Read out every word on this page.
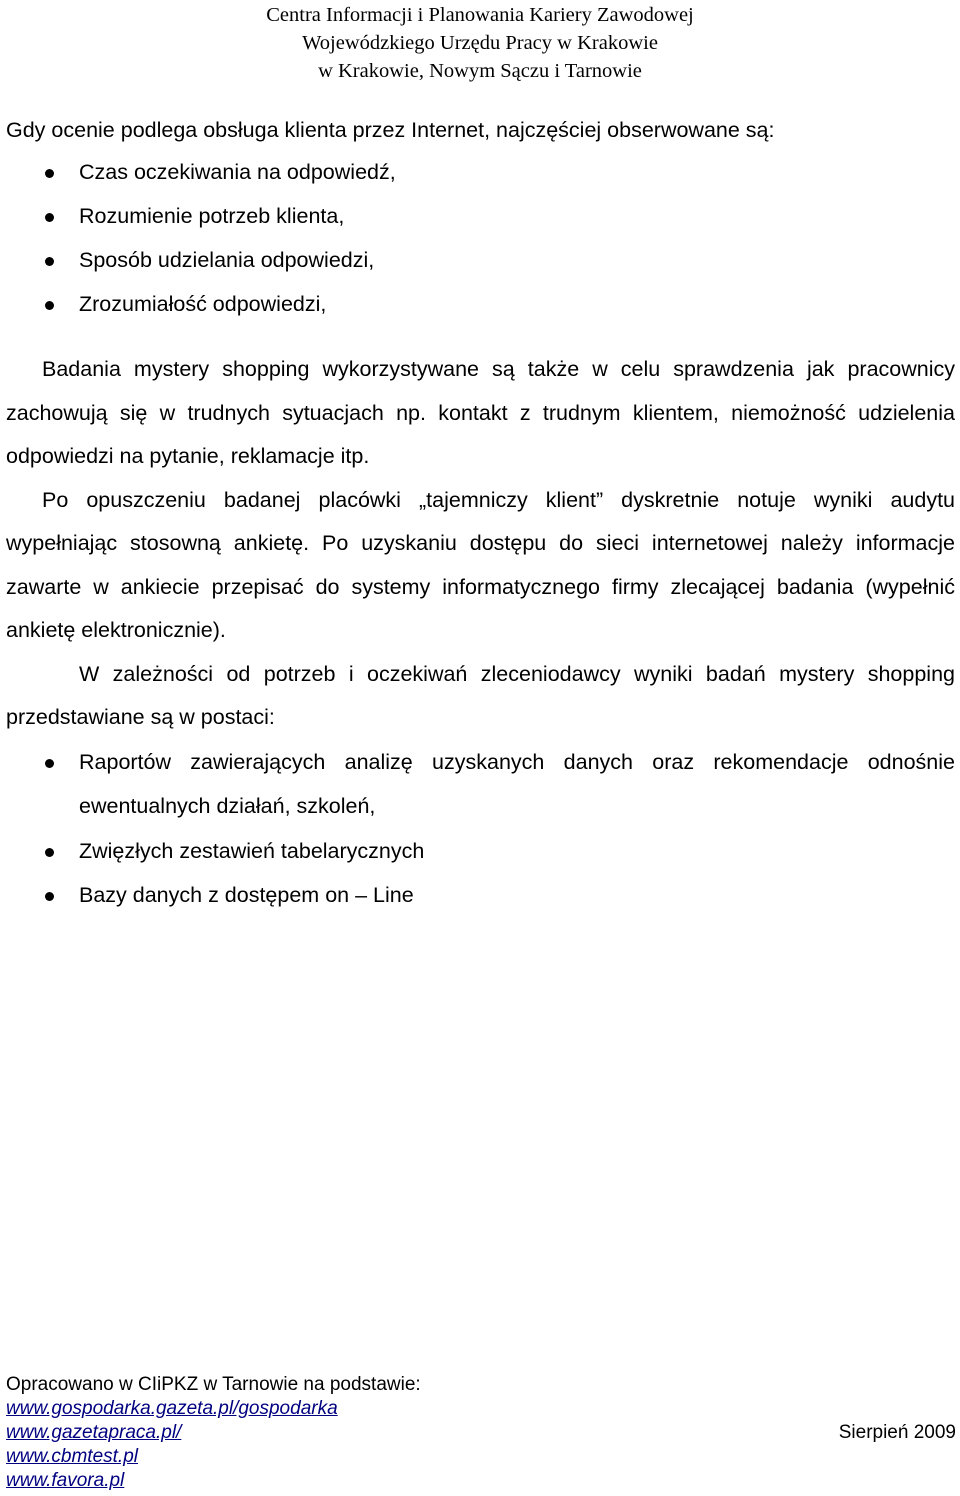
Centra Informacji i Planowania Kariery Zawodowej
Wojewódzkiego Urzędu Pracy w Krakowie
w Krakowie, Nowym Sączu i Tarnowie

Gdy ocenie podlega obsługa klienta przez Internet, najczęściej obserwowane są:

Czas oczekiwania na odpowiedź,
Rozumienie potrzeb klienta,
Sposób udzielania odpowiedzi,
Zrozumiałość odpowiedzi,

Badania mystery shopping wykorzystywane są także w celu sprawdzenia jak pracownicy zachowują się w trudnych sytuacjach np. kontakt z trudnym klientem, niemożność udzielenia odpowiedzi na pytanie, reklamacje itp.

Po opuszczeniu badanej placówki „tajemniczy klient” dyskretnie notuje wyniki audytu wypełniając stosowną ankietę. Po uzyskaniu dostępu do sieci internetowej należy informacje zawarte w ankiecie przepisać do systemy informatycznego firmy zlecającej badania (wypełnić ankietę elektronicznie).

W zależności od potrzeb i oczekiwań zleceniodawcy wyniki badań mystery shopping przedstawiane są w postaci:

Raportów zawierających analizę uzyskanych danych oraz rekomendacje odnośnie ewentualnych działań, szkoleń,
Zwięzłych zestawień tabelarycznych
Bazy danych z dostępem on – Line
Opracowano w CIiPKZ w Tarnowie na podstawie:
www.gospodarka.gazeta.pl/gospodarka
www.gazetapraca.pl/	Sierpień 2009
www.cbmtest.pl
www.favora.pl
